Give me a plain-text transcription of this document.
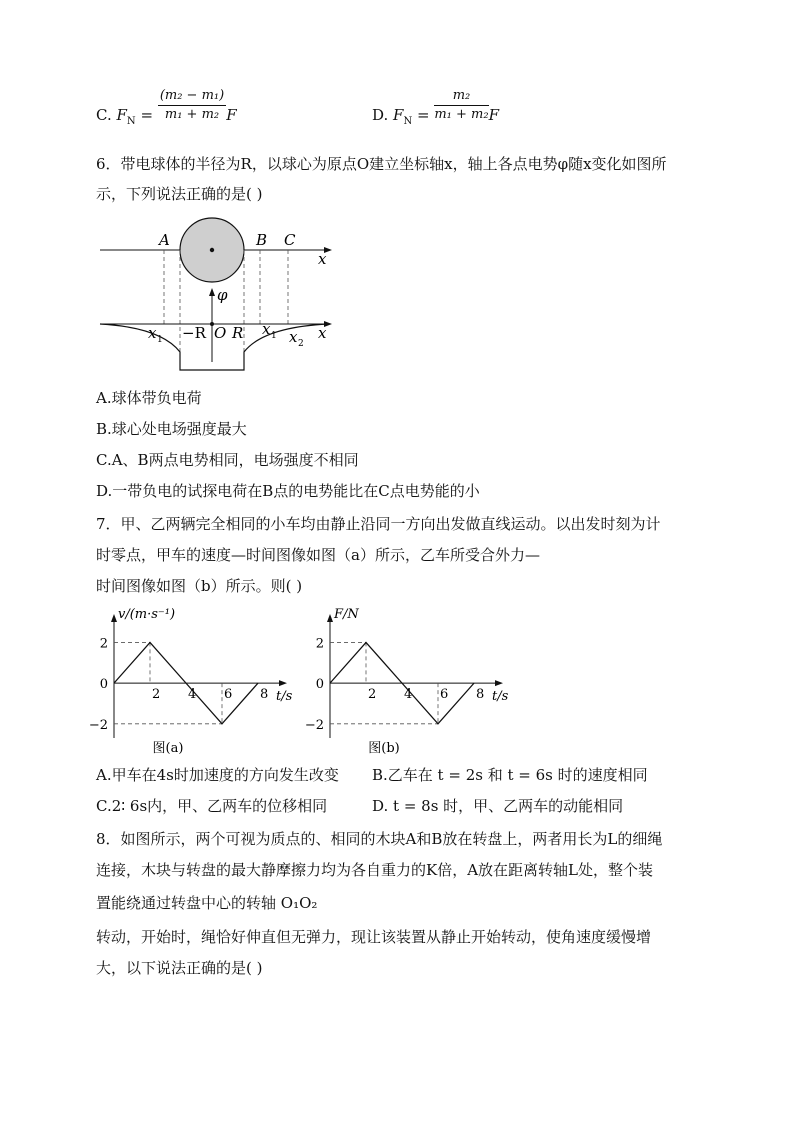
C. $F_N = \frac{\text{(m₂ − m₁)}}{\text{m₁ + m₂}}$ F	D. $F_N = \frac{\text{m₂}}{\text{m₁ + m₂}}$ F
6．带电球体的半径为R，以球心为原点O建立坐标轴x，轴上各点电势φ随x变化如图所
示，下列说法正确的是( )
A	B C
x
φ
x 1 −R O R x 1 x 2
x
A.球体带负电荷
B.球心处电场强度最大
C.A、B两点电势相同，电场强度不相同
D.一带负电的试探电荷在B点的电势能比在C点电势能的小
7．甲、乙两辆完全相同的小车均由静止沿同一方向出发做直线运动。以出发时刻为计
时零点，甲车的速度—时间图像如图（a）所示，乙车所受合外力—
时间图像如图（b）所示。则( )
2 4 6 8
2
0
−2
v/(m·s⁻¹)
t/s
图(a)
2 4 6 8
2
0
−2
F/N
t/s
图(b)
A.甲车在4s时加速度的方向发生改变 B.乙车在 t = 2s 和 t = 6s 时的速度相同
C.2∶ 6s内，甲、乙两车的位移相同	D. t = 8s 时，甲、乙两车的动能相同
8．如图所示，两个可视为质点的、相同的木块A和B放在转盘上，两者用长为L的细绳
连接，木块与转盘的最大静摩擦力均为各自重力的K倍，A放在距离转轴L处，整个装
置能绕通过转盘中心的转轴 O₁O₂
转动，开始时，绳恰好伸直但无弹力，现让该装置从静止开始转动，使角速度缓慢增
大，以下说法正确的是( )
